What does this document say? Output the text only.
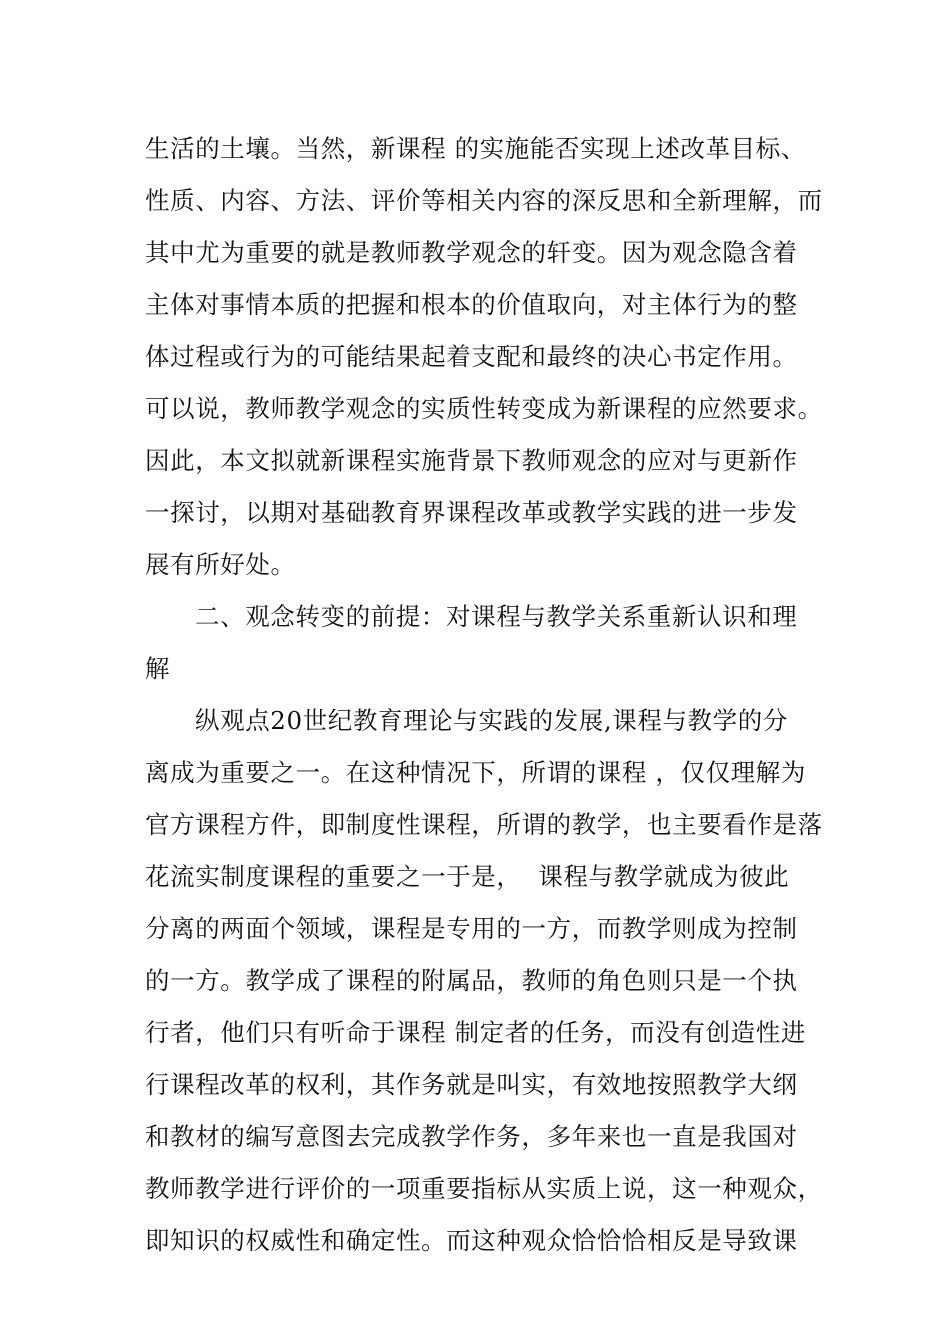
生活的土壤。当然，新课程 的实施能否实现上述改革目标、
性质、内容、方法、评价等相关内容的深反思和全新理解，而
其中尤为重要的就是教师教学观念的轩变。因为观念隐含着
主体对事情本质的把握和根本的价值取向，对主体行为的整
体过程或行为的可能结果起着支配和最终的决心书定作用。
可以说，教师教学观念的实质性转变成为新课程的应然要求。
因此，本文拟就新课程实施背景下教师观念的应对与更新作
一探讨，以期对基础教育界课程改革或教学实践的进一步发
展有所好处。
二、观念转变的前提：对课程与教学关系重新认识和理
解
纵观点20世纪教育理论与实践的发展,课程与教学的分
离成为重要之一。在这种情况下，所谓的课程 ，仅仅理解为
官方课程方件，即制度性课程，所谓的教学，也主要看作是落
花流实制度课程的重要之一于是，  课程与教学就成为彼此
分离的两面个领域，课程是专用的一方，而教学则成为控制
的一方。教学成了课程的附属品，教师的角色则只是一个执
行者，他们只有听命于课程 制定者的任务，而没有创造性进
行课程改革的权利，其作务就是叫实，有效地按照教学大纲
和教材的编写意图去完成教学作务，多年来也一直是我国对
教师教学进行评价的一项重要指标从实质上说，这一种观众，
即知识的权威性和确定性。而这种观众恰恰恰相反是导致课
